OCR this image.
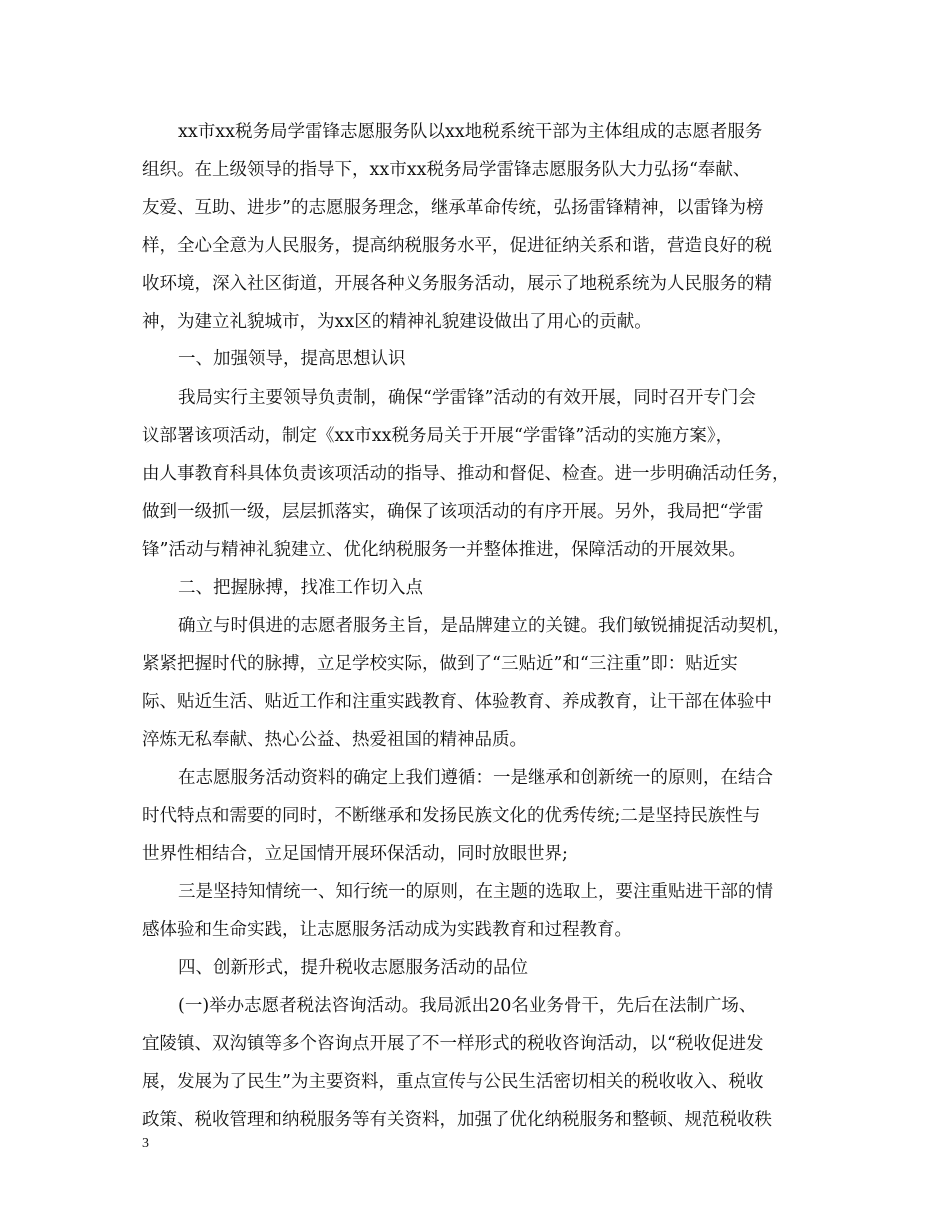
xx市xx税务局学雷锋志愿服务队以xx地税系统干部为主体组成的志愿者服务
组织。在上级领导的指导下，xx市xx税务局学雷锋志愿服务队大力弘扬“奉献、
友爱、互助、进步”的志愿服务理念，继承革命传统，弘扬雷锋精神，以雷锋为榜
样，全心全意为人民服务，提高纳税服务水平，促进征纳关系和谐，营造良好的税
收环境，深入社区街道，开展各种义务服务活动，展示了地税系统为人民服务的精
神，为建立礼貌城市，为xx区的精神礼貌建设做出了用心的贡献。
一、加强领导，提高思想认识
我局实行主要领导负责制，确保“学雷锋”活动的有效开展，同时召开专门会
议部署该项活动，制定《xx市xx税务局关于开展“学雷锋”活动的实施方案》，
由人事教育科具体负责该项活动的指导、推动和督促、检查。进一步明确活动任务，
做到一级抓一级，层层抓落实，确保了该项活动的有序开展。另外，我局把“学雷
锋”活动与精神礼貌建立、优化纳税服务一并整体推进，保障活动的开展效果。
二、把握脉搏，找准工作切入点
确立与时俱进的志愿者服务主旨，是品牌建立的关键。我们敏锐捕捉活动契机，
紧紧把握时代的脉搏，立足学校实际，做到了“三贴近”和“三注重”即：贴近实
际、贴近生活、贴近工作和注重实践教育、体验教育、养成教育，让干部在体验中
淬炼无私奉献、热心公益、热爱祖国的精神品质。
在志愿服务活动资料的确定上我们遵循：一是继承和创新统一的原则，在结合
时代特点和需要的同时，不断继承和发扬民族文化的优秀传统;二是坚持民族性与
世界性相结合，立足国情开展环保活动，同时放眼世界;
三是坚持知情统一、知行统一的原则，在主题的选取上，要注重贴进干部的情
感体验和生命实践，让志愿服务活动成为实践教育和过程教育。
四、创新形式，提升税收志愿服务活动的品位
(一)举办志愿者税法咨询活动。我局派出20名业务骨干，先后在法制广场、
宜陵镇、双沟镇等多个咨询点开展了不一样形式的税收咨询活动，以“税收促进发
展，发展为了民生”为主要资料，重点宣传与公民生活密切相关的税收收入、税收
政策、税收管理和纳税服务等有关资料，加强了优化纳税服务和整顿、规范税收秩
3
